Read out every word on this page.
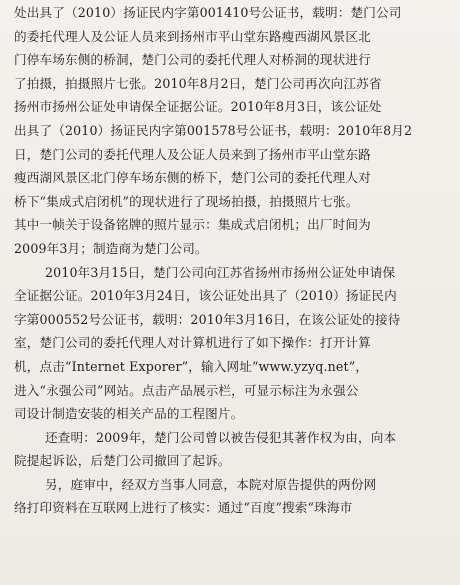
处出具了（2010）扬证民内字第001410号公证书，载明：楚门公司
的委托代理人及公证人员来到扬州市平山堂东路瘦西湖风景区北
门停车场东侧的桥洞，楚门公司的委托代理人对桥洞的现状进行
了拍摄，拍摄照片七张。2010年8月2日，楚门公司再次向江苏省
扬州市扬州公证处申请保全证据公证。2010年8月3日，该公证处
出具了（2010）扬证民内字第001578号公证书，载明：2010年8月2
日，楚门公司的委托代理人及公证人员来到了扬州市平山堂东路
瘦西湖风景区北门停车场东侧的桥下，楚门公司的委托代理人对
桥下“集成式启闭机”的现状进行了现场拍摄，拍摄照片七张。
其中一帧关于设备铭牌的照片显示：集成式启闭机；出厂时间为
2009年3月；制造商为楚门公司。
2010年3月15日，楚门公司向江苏省扬州市扬州公证处申请保
全证据公证。2010年3月24日，该公证处出具了（2010）扬证民内
字第000552号公证书，载明：2010年3月16日，在该公证处的接待
室，楚门公司的委托代理人对计算机进行了如下操作：打开计算
机，点击“Internet Exporer”，输入网址“www.yzyq.net”，
进入“永强公司”网站。点击产品展示栏，可显示标注为永强公
司设计制造安装的相关产品的工程图片。
还查明：2009年，楚门公司曾以被告侵犯其著作权为由，向本
院提起诉讼，后楚门公司撤回了起诉。
另，庭审中，经双方当事人同意，本院对原告提供的两份网
络打印资料在互联网上进行了核实：通过“百度”搜索“珠海市
